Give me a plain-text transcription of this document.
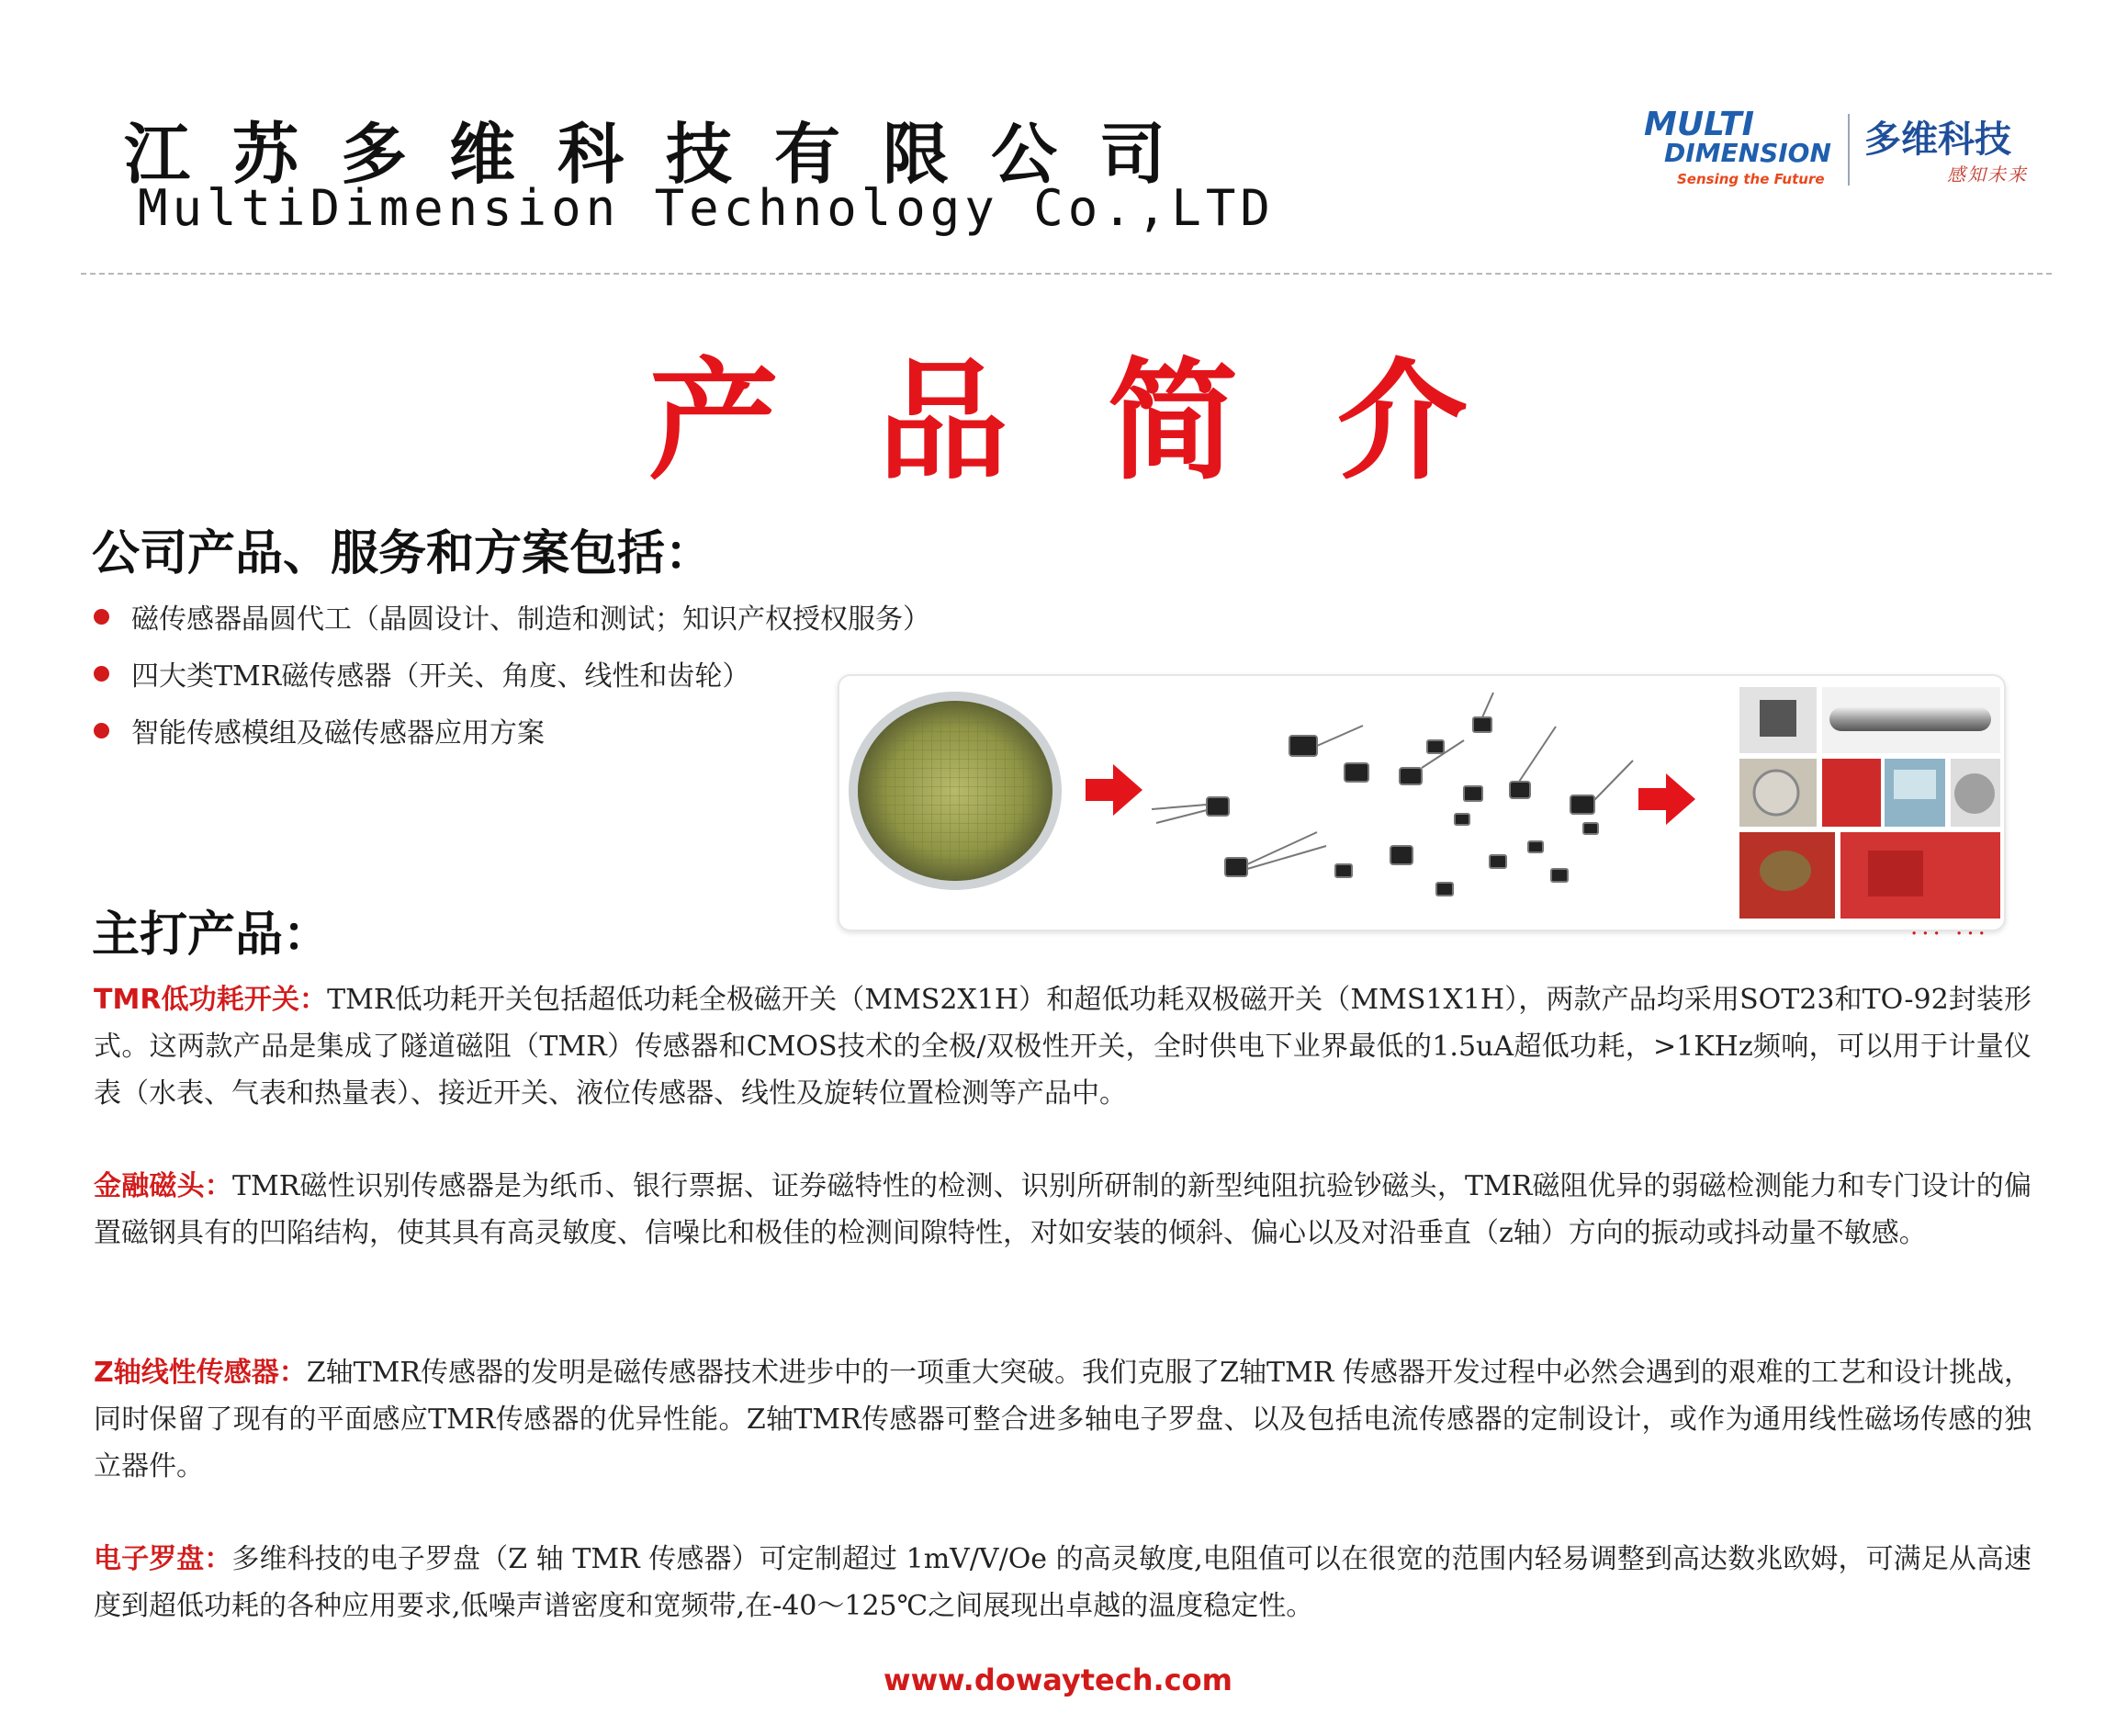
江苏多维科技有限公司
MultiDimension Technology Co.,LTD
MULTI
DIMENSION
Sensing the Future
多维科技
感知未来
产品简介
公司产品、服务和方案包括：
磁传感器晶圆代工（晶圆设计、制造和测试；知识产权授权服务）
四大类TMR磁传感器（开关、角度、线性和齿轮）
智能传感模组及磁传感器应用方案
... ...
主打产品：
TMR低功耗开关：TMR低功耗开关包括超低功耗全极磁开关（MMS2X1H）和超低功耗双极磁开关（MMS1X1H），两款产品均采用SOT23和TO-92封装形式。这两款产品是集成了隧道磁阻（TMR）传感器和CMOS技术的全极/双极性开关，全时供电下业界最低的1.5uA超低功耗，>1KHz频响，可以用于计量仪表（水表、气表和热量表）、接近开关、液位传感器、线性及旋转位置检测等产品中。
金融磁头：TMR磁性识别传感器是为纸币、银行票据、证券磁特性的检测、识别所研制的新型纯阻抗验钞磁头，TMR磁阻优异的弱磁检测能力和专门设计的偏置磁钢具有的凹陷结构，使其具有高灵敏度、信噪比和极佳的检测间隙特性，对如安装的倾斜、偏心以及对沿垂直（z轴）方向的振动或抖动量不敏感。
Z轴线性传感器：Z轴TMR传感器的发明是磁传感器技术进步中的一项重大突破。我们克服了Z轴TMR 传感器开发过程中必然会遇到的艰难的工艺和设计挑战，同时保留了现有的平面感应TMR传感器的优异性能。Z轴TMR传感器可整合进多轴电子罗盘、以及包括电流传感器的定制设计，或作为通用线性磁场传感的独立器件。
电子罗盘：多维科技的电子罗盘（Z 轴 TMR 传感器）可定制超过 1mV/V/Oe 的高灵敏度,电阻值可以在很宽的范围内轻易调整到高达数兆欧姆，可满足从高速度到超低功耗的各种应用要求,低噪声谱密度和宽频带,在-40～125℃之间展现出卓越的温度稳定性。
www.dowaytech.com
